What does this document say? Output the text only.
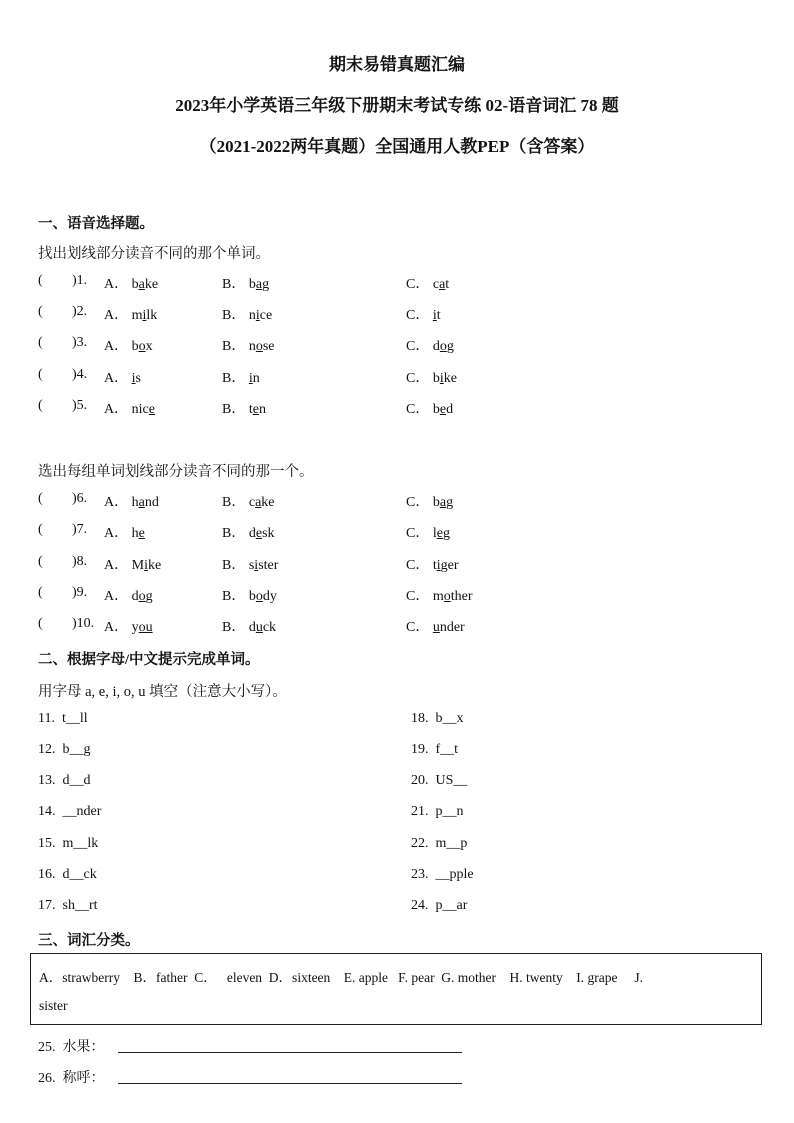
期末易错真题汇编
2023年小学英语三年级下册期末考试专练 02-语音词汇 78 题
（2021-2022两年真题）全国通用人教PEP（含答案）
一、语音选择题。
找出划线部分读音不同的那个单词。
( )1. A． bake	B． bag	C． cat
( )2. A． milk	B． nice	C． it
( )3. A． box	B． nose	C． dog
( )4. A． is	B． in	C． bike
( )5. A． nice	B． ten	C． bed
选出每组单词划线部分读音不同的那一个。
( )6. A． hand	B． cake	C． bag
( )7. A． he	B． desk	C． leg
( )8. A． Mike	B． sister	C． tiger
( )9. A． dog	B． body	C． mother
( )10. A． you	B． duck	C． under
二、根据字母/中文提示完成单词。
用字母 a, e, i, o, u 填空（注意大小写）。
11.  t__ll
12.  b__g
13.  d__d
14.  __nder
15.  m__lk
16.  d__ck
17.  sh__rt
18.  b__x
19.  f__t
20.  US__
21.  p__n
22.  m__p
23.  __pple
24.  p__ar
三、词汇分类。
A．strawberry    B．father  C．   eleven  D．sixteen    E. apple   F. pear  G. mother    H. twenty    I. grape     J.
sister
25.  水果：
26.  称呼：
